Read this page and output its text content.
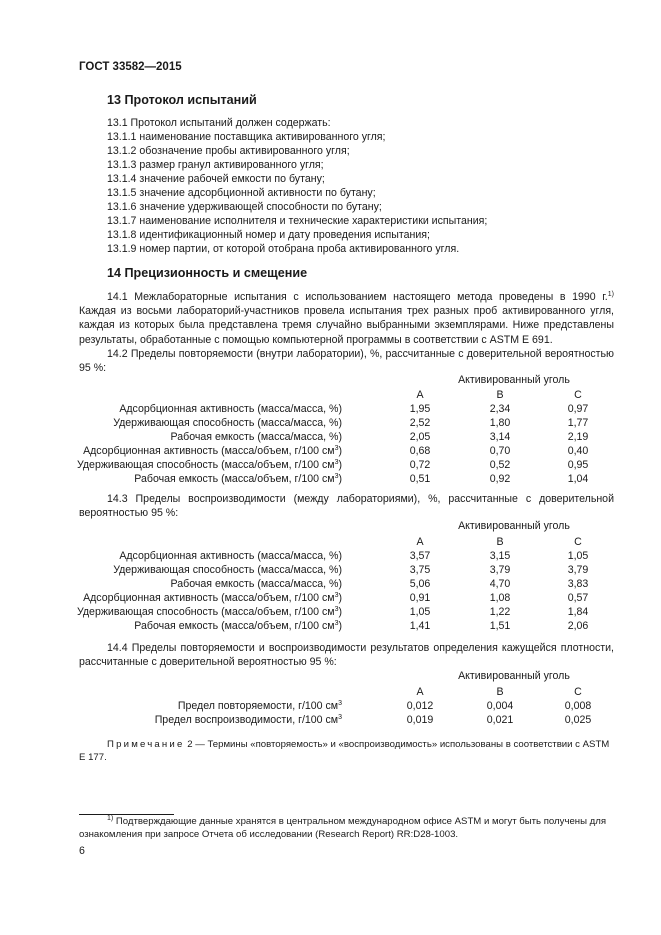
ГОСТ 33582—2015
13 Протокол испытаний
13.1 Протокол испытаний должен содержать:
13.1.1 наименование поставщика активированного угля;
13.1.2 обозначение пробы активированного угля;
13.1.3 размер гранул активированного угля;
13.1.4 значение рабочей емкости по бутану;
13.1.5 значение адсорбционной активности по бутану;
13.1.6 значение удерживающей способности по бутану;
13.1.7 наименование исполнителя и технические характеристики испытания;
13.1.8 идентификационный номер и дату проведения испытания;
13.1.9 номер партии, от которой отобрана проба активированного угля.
14 Прецизионность и смещение

14.1 Межлабораторные испытания с использованием настоящего метода проведены в 1990 г.$^{1)}$ Каждая из восьми лабораторий-участников провела испытания трех разных проб активированного угля, каждая из которых была представлена тремя случайно выбранными экземплярами. Ниже представлены результаты, обработанные с помощью компьютерной программы в соответствии с ASTM E 691.

14.2 Пределы повторяемости (внутри лаборатории), %, рассчитанные с доверительной вероятностью 95 %:

Активированный уголь
А	В	С
Адсорбционная активность (масса/масса, %)	1,95	2,34	0,97
Удерживающая способность (масса/масса, %)	2,52	1,80	1,77
Рабочая емкость (масса/масса, %)	2,05	3,14	2,19
Адсорбционная активность (масса/объем, г/100 $см^3$)	0,68	0,70	0,40
Удерживающая способность (масса/объем, г/100 $см^3$)	0,72	0,52	0,95
Рабочая емкость (масса/объем, г/100 $см^3$)	0,51	0,92	1,04

14.3 Пределы воспроизводимости (между лабораториями), %, рассчитанные с доверительной вероятностью 95 %:

Активированный уголь
А	В	С
Адсорбционная активность (масса/масса, %)	3,57	3,15	1,05
Удерживающая способность (масса/масса, %)	3,75	3,79	3,79
Рабочая емкость (масса/масса, %)	5,06	4,70	3,83
Адсорбционная активность (масса/объем, г/100 $см^3$)	0,91	1,08	0,57
Удерживающая способность (масса/объем, г/100 $см^3$)	1,05	1,22	1,84
Рабочая емкость (масса/объем, г/100 $см^3$)	1,41	1,51	2,06

14.4 Пределы повторяемости и воспроизводимости результатов определения кажущейся плотности, рассчитанные с доверительной вероятностью 95 %:

Активированный уголь
А	В	С
Предел повторяемости, г/100 $см^3$	0,012	0,004	0,008
Предел воспроизводимости, г/100 $см^3$	0,019	0,021	0,025
Примечание 2 — Термины «повторяемость» и «воспроизводимость» использованы в соответствии с ASTM E 177.
$^{1)}$ Подтверждающие данные хранятся в центральном международном офисе ASTM и могут быть получены для ознакомления при запросе Отчета об исследовании (Research Report) RR:D28-1003.
6
